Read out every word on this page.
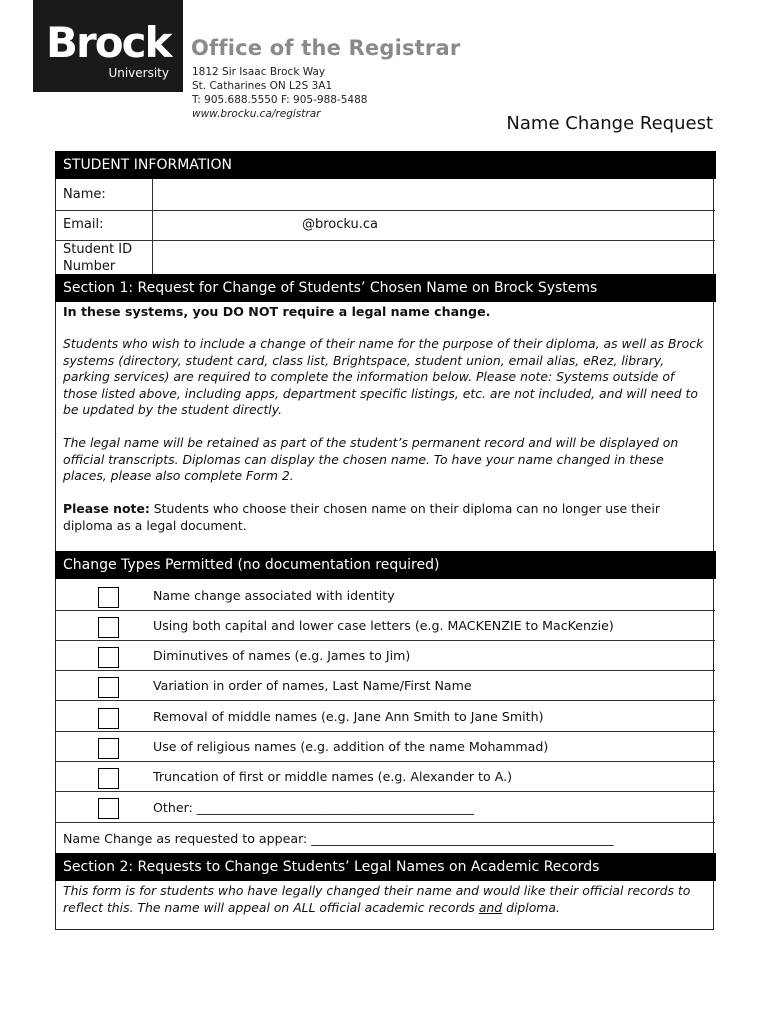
Brock
University
Office of the Registrar
1812 Sir Isaac Brock Way
St. Catharines ON L2S 3A1
T: 905.688.5550 F: 905-988-5488
www.brocku.ca/registrar	Name Change Request
STUDENT INFORMATION
Name:
Email:	@brocku.ca
Student ID
Number
Section 1: Request for Change of Students’ Chosen Name on Brock Systems
In these systems, you DO NOT require a legal name change.
Students who wish to include a change of their name for the purpose of their diploma, as well as Brock systems (directory, student card, class list, Brightspace, student union, email alias, eRez, library, parking services) are required to complete the information below. Please note: Systems outside of those listed above, including apps, department specific listings, etc. are not included, and will need to be updated by the student directly.
The legal name will be retained as part of the student’s permanent record and will be displayed on official transcripts. Diplomas can display the chosen name. To have your name changed in these places, please also complete Form 2.
Please note: Students who choose their chosen name on their diploma can no longer use their diploma as a legal document.
Change Types Permitted (no documentation required)
Name change associated with identity
Using both capital and lower case letters (e.g. MACKENZIE to MacKenzie)
Diminutives of names (e.g. James to Jim)
Variation in order of names, Last Name/First Name
Removal of middle names (e.g. Jane Ann Smith to Jane Smith)
Use of religious names (e.g. addition of the name Mohammad)
Truncation of first or middle names (e.g. Alexander to A.)
Other: ____________________________________________
Name Change as requested to appear: ________________________________________________
Section 2: Requests to Change Students’ Legal Names on Academic Records
This form is for students who have legally changed their name and would like their official records to reflect this. The name will appeal on ALL official academic records and diploma.
